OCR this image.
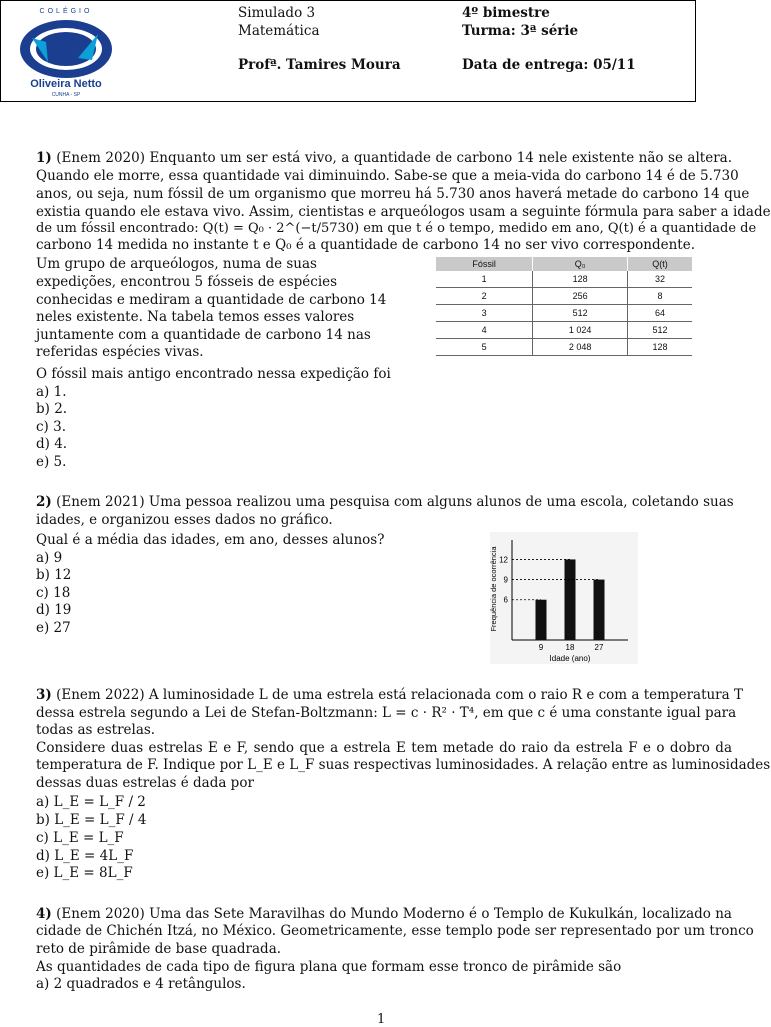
COLÉGIO
Oliveira Netto
CUNHA - SP
Simulado 3
Matemática
Profª. Tamires Moura
4º bimestre
Turma: 3ª série
Data de entrega: 05/11
1) (Enem 2020) Enquanto um ser está vivo, a quantidade de carbono 14 nele existente não se altera.
Quando ele morre, essa quantidade vai diminuindo. Sabe-se que a meia-vida do carbono 14 é de 5.730
anos, ou seja, num fóssil de um organismo que morreu há 5.730 anos haverá metade do carbono 14 que
existia quando ele estava vivo. Assim, cientistas e arqueólogos usam a seguinte fórmula para saber a idade
de um fóssil encontrado: Q(t) = Q₀ · 2^(−t/5730) em que t é o tempo, medido em ano, Q(t) é a quantidade de
carbono 14 medida no instante t e Q₀ é a quantidade de carbono 14 no ser vivo correspondente.
Um grupo de arqueólogos, numa de suas
expedições, encontrou 5 fósseis de espécies
conhecidas e mediram a quantidade de carbono 14
neles existente. Na tabela temos esses valores
juntamente com a quantidade de carbono 14 nas
referidas espécies vivas.
O fóssil mais antigo encontrado nessa expedição foi
a) 1.
b) 2.
c) 3.
d) 4.
e) 5.
Fóssil	Q₀	Q(t)
1	128	32
2	256	8
3	512	64
4	1 024	512
5	2 048	128
2) (Enem 2021) Uma pessoa realizou uma pesquisa com alguns alunos de uma escola, coletando suas
idades, e organizou esses dados no gráfico.
Qual é a média das idades, em ano, desses alunos?
a) 9
b) 12
c) 18
d) 19
e) 27
9	18	27
6
9
12
Idade (ano)
Frequência de ocorrência
3) (Enem 2022) A luminosidade L de uma estrela está relacionada com o raio R e com a temperatura T
dessa estrela segundo a Lei de Stefan-Boltzmann: L = c · R² · T⁴, em que c é uma constante igual para
todas as estrelas.
Considere duas estrelas E e F, sendo que a estrela E tem metade do raio da estrela F e o dobro da
temperatura de F. Indique por L_E e L_F suas respectivas luminosidades. A relação entre as luminosidades
dessas duas estrelas é dada por
a) L_E = L_F / 2
b) L_E = L_F / 4
c) L_E = L_F
d) L_E = 4L_F
e) L_E = 8L_F
4) (Enem 2020) Uma das Sete Maravilhas do Mundo Moderno é o Templo de Kukulkán, localizado na
cidade de Chichén Itzá, no México. Geometricamente, esse templo pode ser representado por um tronco
reto de pirâmide de base quadrada.
As quantidades de cada tipo de figura plana que formam esse tronco de pirâmide são
a) 2 quadrados e 4 retângulos.
1
